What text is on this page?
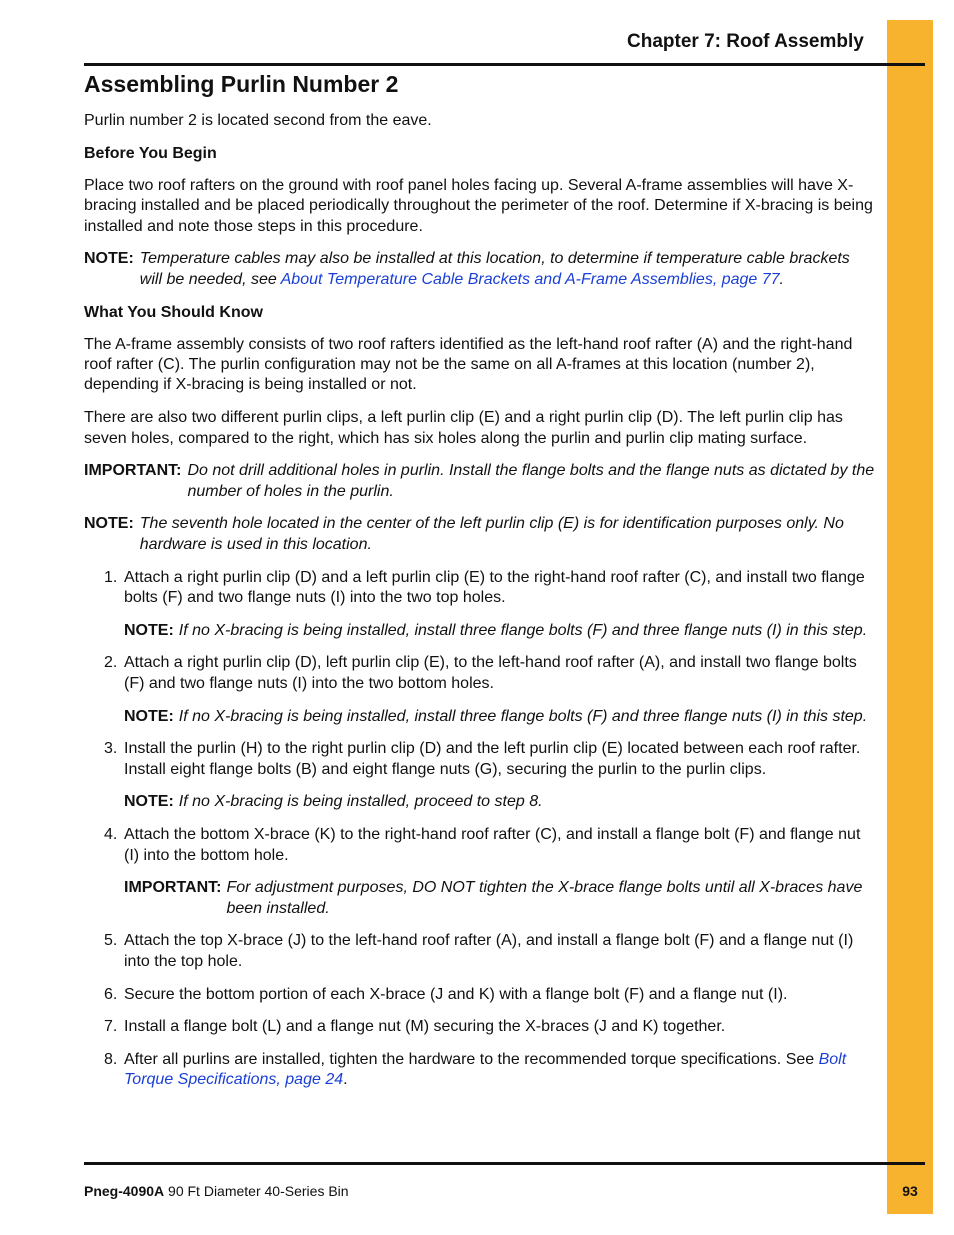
Chapter 7: Roof Assembly
Assembling Purlin Number 2

Purlin number 2 is located second from the eave.

Before You Begin

Place two roof rafters on the ground with roof panel holes facing up. Several A-frame assemblies will have X-bracing installed and be placed periodically throughout the perimeter of the roof. Determine if X-bracing is being installed and note those steps in this procedure.

NOTE: Temperature cables may also be installed at this location, to determine if temperature cable brackets will be needed, see About Temperature Cable Brackets and A-Frame Assemblies, page 77.
What You Should Know

The A-frame assembly consists of two roof rafters identified as the left-hand roof rafter (A) and the right-hand roof rafter (C). The purlin configuration may not be the same on all A-frames at this location (number 2), depending if X-bracing is being installed or not.

There are also two different purlin clips, a left purlin clip (E) and a right purlin clip (D). The left purlin clip has seven holes, compared to the right, which has six holes along the purlin and purlin clip mating surface.

IMPORTANT: Do not drill additional holes in purlin. Install the flange bolts and the flange nuts as dictated by the number of holes in the purlin.
NOTE: The seventh hole located in the center of the left purlin clip (E) is for identification purposes only. No hardware is used in this location.
1. Attach a right purlin clip (D) and a left purlin clip (E) to the right-hand roof rafter (C), and install two flange bolts (F) and two flange nuts (I) into the two top holes.
NOTE: If no X-bracing is being installed, install three flange bolts (F) and three flange nuts (I) in this step.
2. Attach a right purlin clip (D), left purlin clip (E), to the left-hand roof rafter (A), and install two flange bolts (F) and two flange nuts (I) into the two bottom holes.
NOTE: If no X-bracing is being installed, install three flange bolts (F) and three flange nuts (I) in this step.
3. Install the purlin (H) to the right purlin clip (D) and the left purlin clip (E) located between each roof rafter. Install eight flange bolts (B) and eight flange nuts (G), securing the purlin to the purlin clips.
NOTE: If no X-bracing is being installed, proceed to step 8.
4. Attach the bottom X-brace (K) to the right-hand roof rafter (C), and install a flange bolt (F) and flange nut (I) into the bottom hole.
IMPORTANT: For adjustment purposes, DO NOT tighten the X-brace flange bolts until all X-braces have been installed.
5. Attach the top X-brace (J) to the left-hand roof rafter (A), and install a flange bolt (F) and a flange nut (I) into the top hole.
6. Secure the bottom portion of each X-brace (J and K) with a flange bolt (F) and a flange nut (I).
7. Install a flange bolt (L) and a flange nut (M) securing the X-braces (J and K) together.
8. After all purlins are installed, tighten the hardware to the recommended torque specifications. See Bolt Torque Specifications, page 24.
Pneg-4090A 90 Ft Diameter 40-Series Bin	93
